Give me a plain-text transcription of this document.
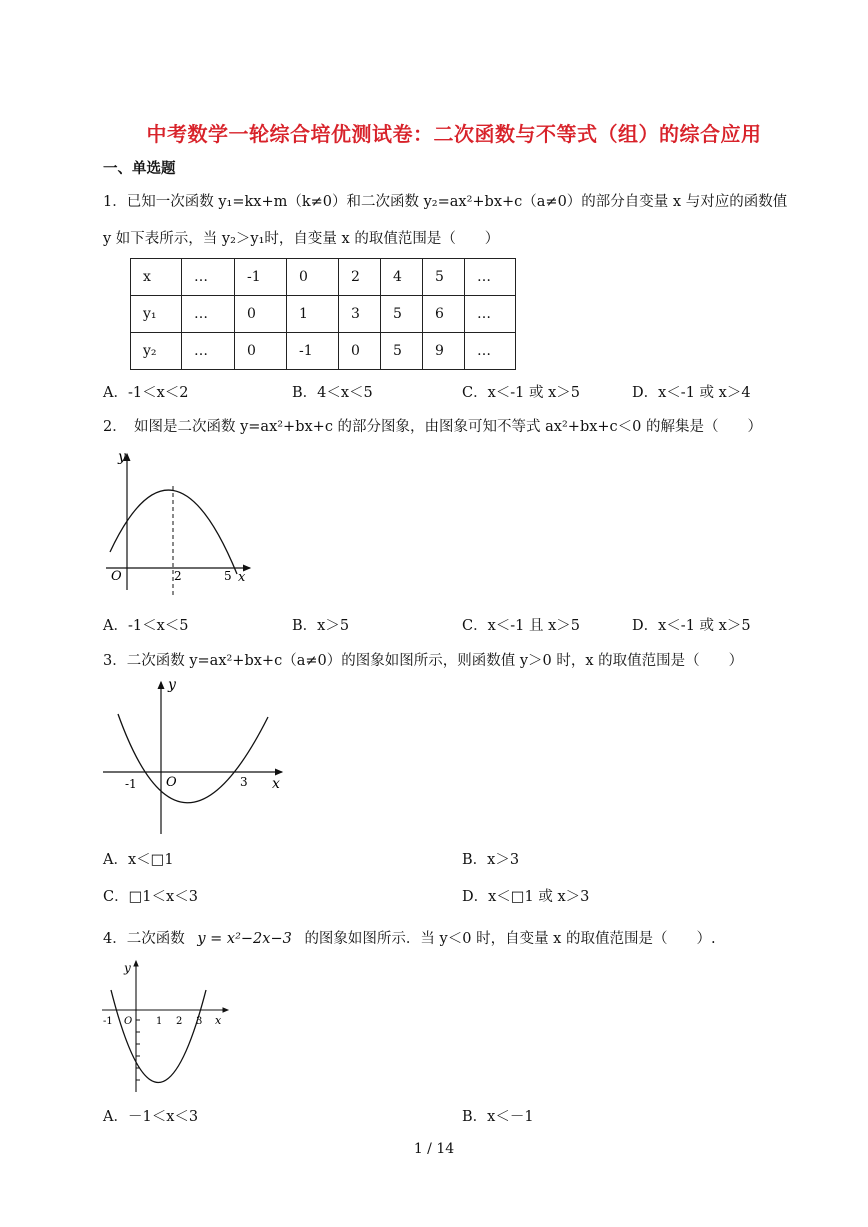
中考数学一轮综合培优测试卷：二次函数与不等式（组）的综合应用
一、单选题
1．已知一次函数 y₁=kx+m（k≠0）和二次函数 y₂=ax²+bx+c（a≠0）的部分自变量 x 与对应的函数值
y 如下表所示，当 y₂＞y₁时，自变量 x 的取值范围是（　　）
x	…	-1	0	2	4	5	…
y₁	…	0	1	3	5	6	…
y₂	…	0	-1	0	5	9	…
A．-1＜x＜2	B．4＜x＜5	C．x＜-1 或 x＞5	D．x＜-1 或 x＞4
2．　如图是二次函数 y=ax²+bx+c 的部分图象，由图象可知不等式 ax²+bx+c＜0 的解集是（　　）
y
O	2	5 x
A．-1＜x＜5	B．x＞5	C．x＜-1 且 x＞5	D．x＜-1 或 x＞5
3．二次函数 y=ax²+bx+c（a≠0）的图象如图所示，则函数值 y＞0 时，x 的取值范围是（　　）
y
O
-1	3 x
A．x＜□1	B．x＞3
C．□1＜x＜3	D．x＜□1 或 x＞3
4．二次函数 y = x²−2x−3 的图象如图所示．当 y＜0 时，自变量 x 的取值范围是（　　）.
y
-1 O 1 2 3 x
A．－1＜x＜3	B．x＜－1
1 / 14
